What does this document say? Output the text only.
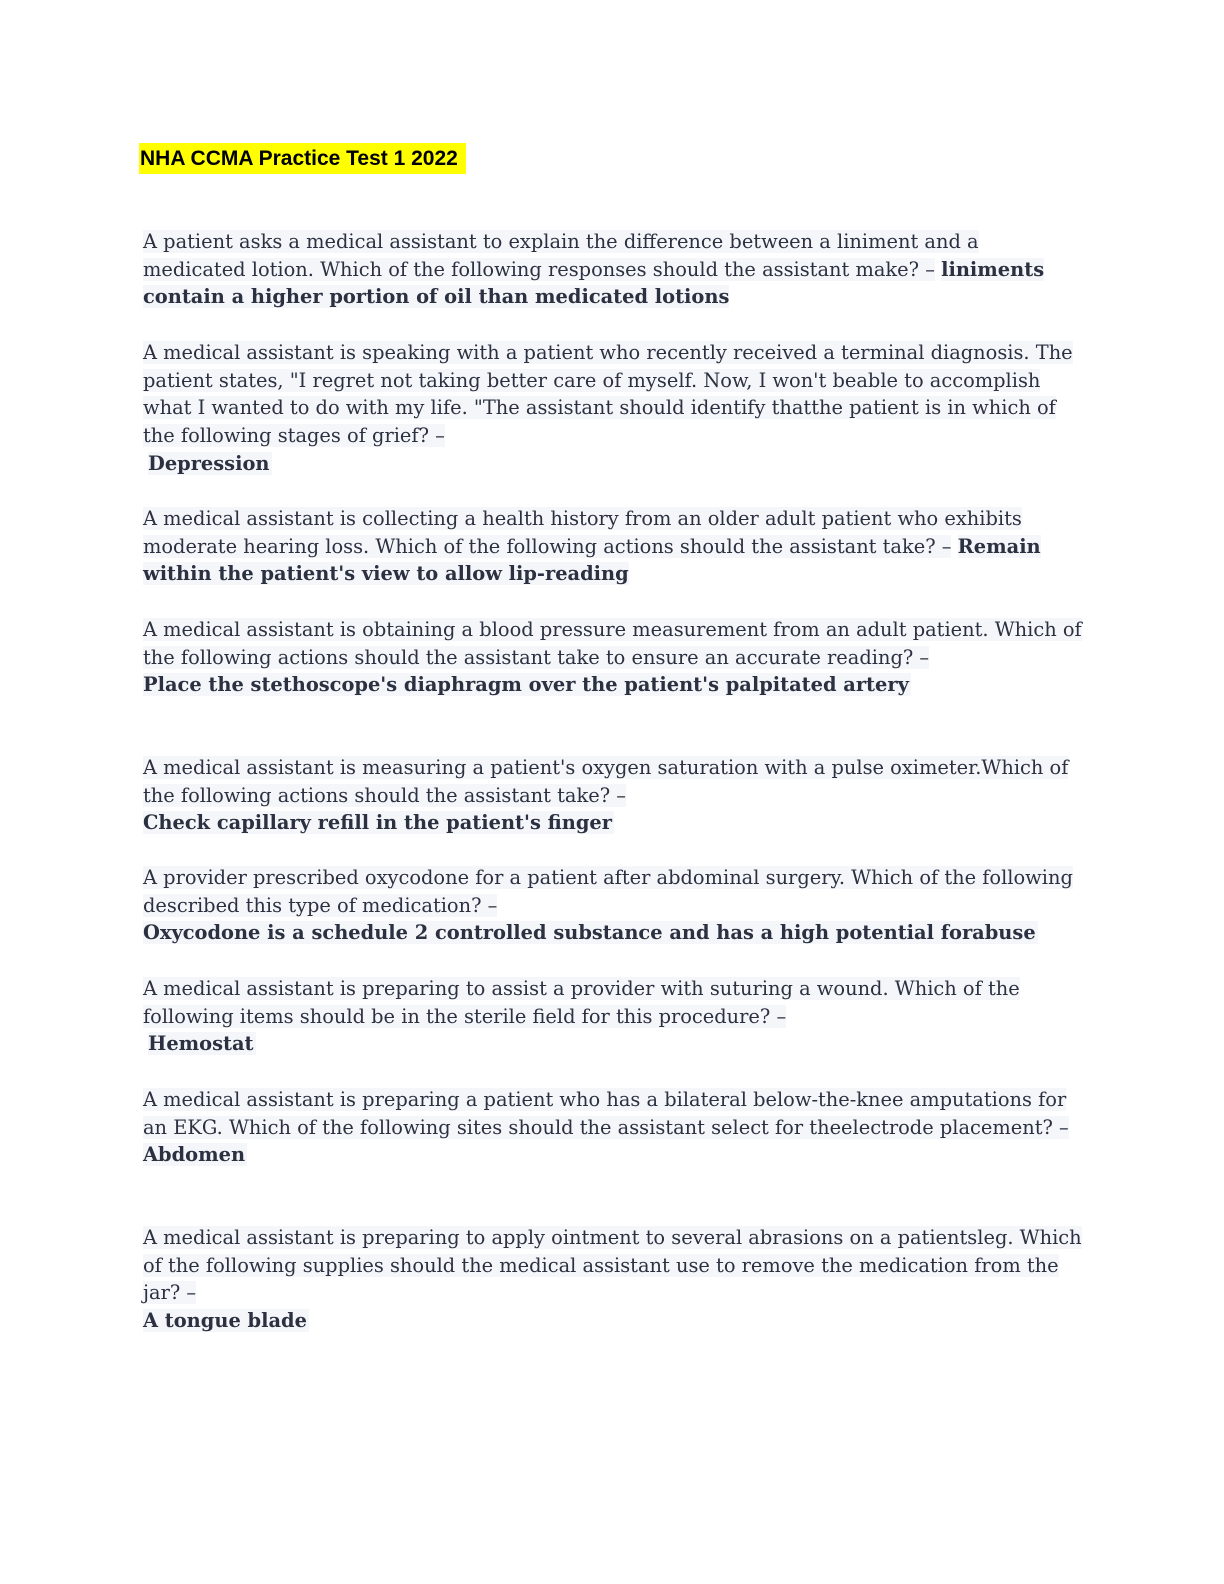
NHA CCMA Practice Test 1 2022
A patient asks a medical assistant to explain the difference between a liniment and a medicated lotion. Which of the following responses should the assistant make? – liniments contain a higher portion of oil than medicated lotions
A medical assistant is speaking with a patient who recently received a terminal diagnosis. The patient states, "I regret not taking better care of myself. Now, I won't beable to accomplish what I wanted to do with my life. "The assistant should identify thatthe patient is in which of the following stages of grief? –
Depression
A medical assistant is collecting a health history from an older adult patient who exhibits moderate hearing loss. Which of the following actions should the assistant take? – Remain within the patient's view to allow lip-reading
A medical assistant is obtaining a blood pressure measurement from an adult patient. Which of the following actions should the assistant take to ensure an accurate reading? –
Place the stethoscope's diaphragm over the patient's palpitated artery
A medical assistant is measuring a patient's oxygen saturation with a pulse oximeter.Which of the following actions should the assistant take? –
Check capillary refill in the patient's finger
A provider prescribed oxycodone for a patient after abdominal surgery. Which of the following described this type of medication? –
Oxycodone is a schedule 2 controlled substance and has a high potential forabuse
A medical assistant is preparing to assist a provider with suturing a wound. Which of the following items should be in the sterile field for this procedure? –
Hemostat
A medical assistant is preparing a patient who has a bilateral below-the-knee amputations for an EKG. Which of the following sites should the assistant select for theelectrode placement? –
Abdomen
A medical assistant is preparing to apply ointment to several abrasions on a patientsleg. Which of the following supplies should the medical assistant use to remove the medication from the jar? –
A tongue blade
